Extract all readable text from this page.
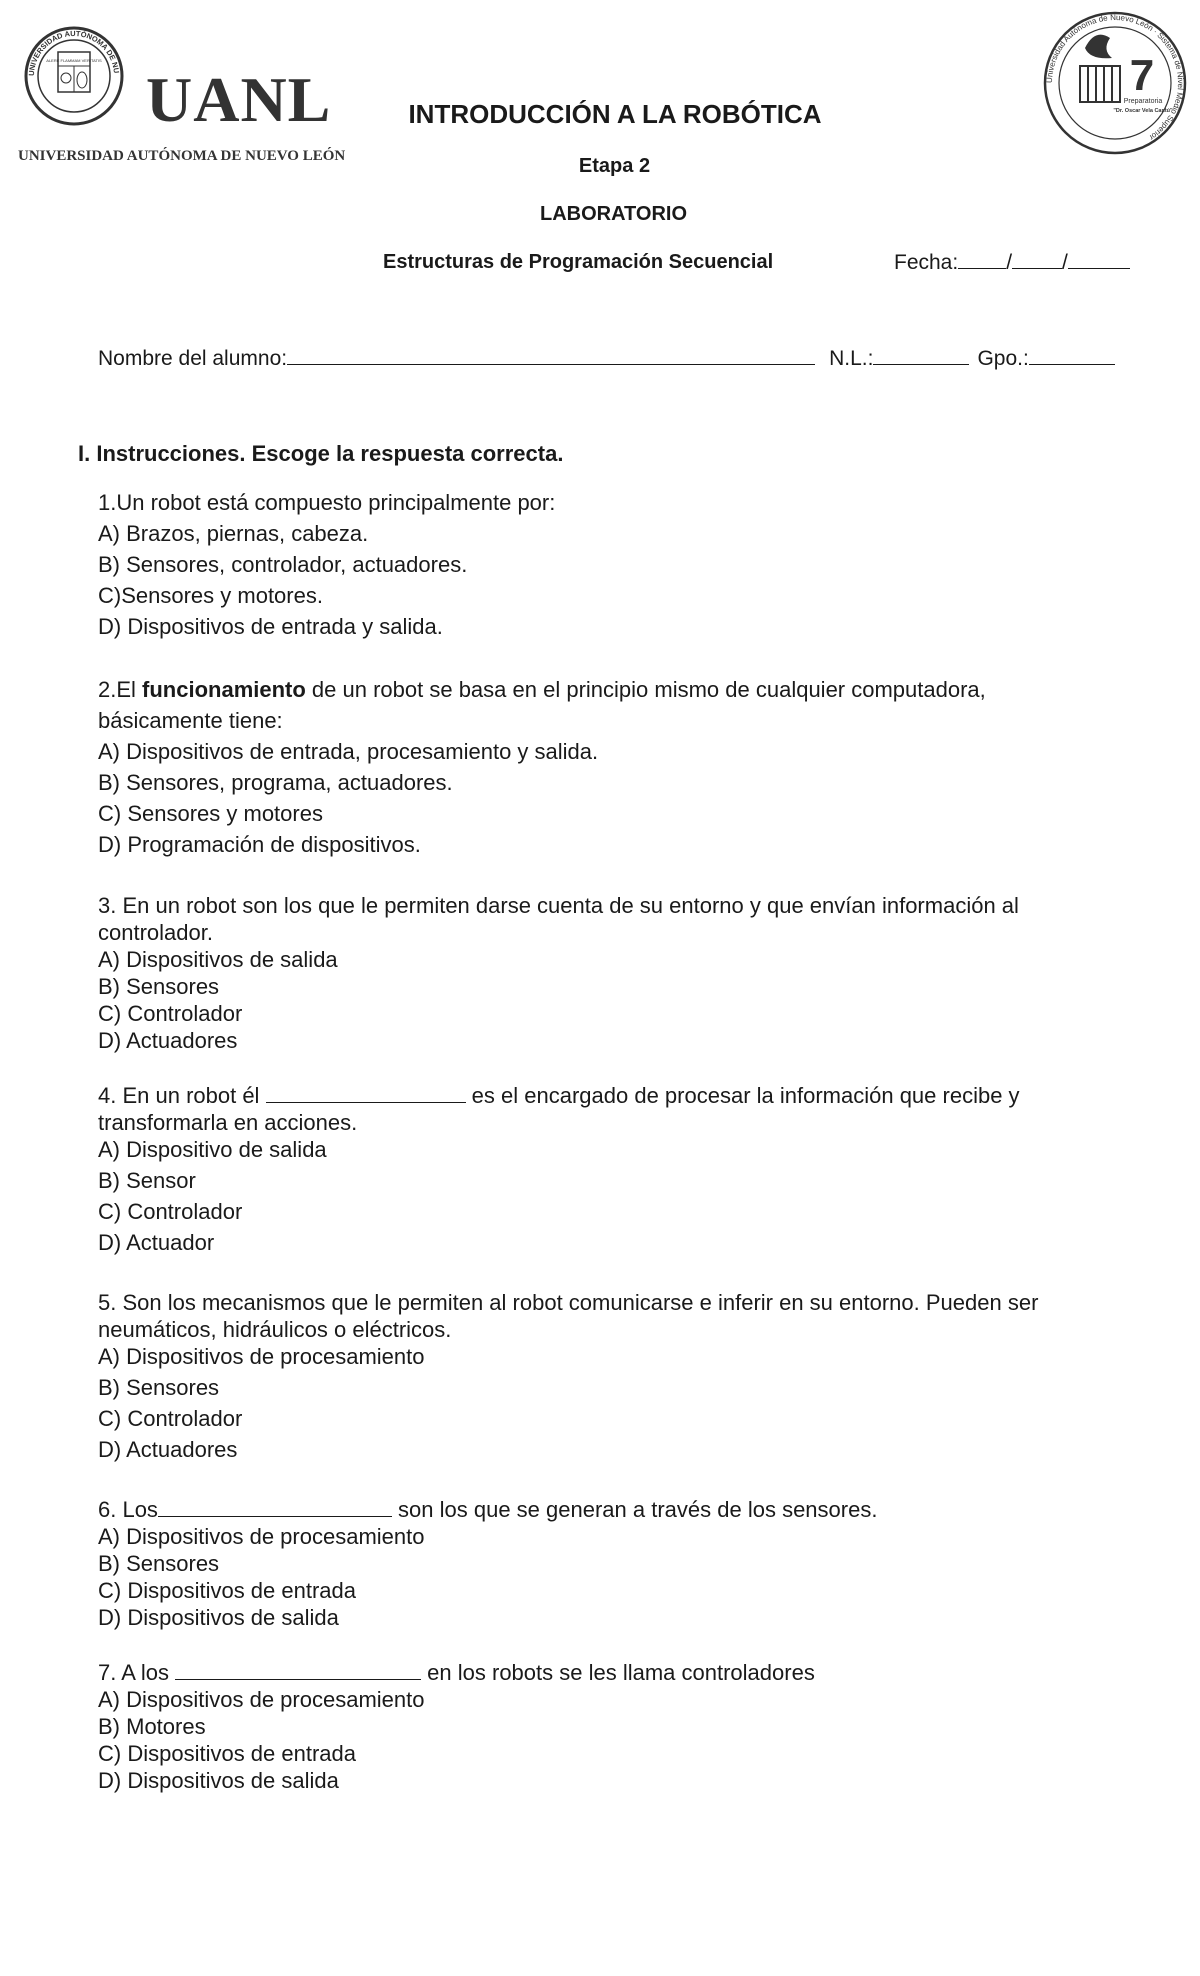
UNIVERSIDAD AUTÓNOMA DE NU
ALERE FLAMMAM VERITATIS
UANL
UNIVERSIDAD AUTÓNOMA DE NUEVO LEÓN
Universidad Autónoma de Nuevo León · Sistema de Nivel Medio Superior
7
Preparatoria
"Dr. Oscar Vela Cantú"
INTRODUCCIÓN A LA ROBÓTICA
Etapa 2
LABORATORIO
Estructuras de Programación Secuencial	Fecha: / /
Nombre del alumno:	N.L.:	Gpo.:
I. Instrucciones. Escoge la respuesta correcta.
1.Un robot está compuesto principalmente por:
A) Brazos, piernas, cabeza.
B) Sensores, controlador, actuadores.
C)Sensores y motores.
D) Dispositivos de entrada y salida.
2.El funcionamiento de un robot se basa en el principio mismo de cualquier computadora,
básicamente tiene:
A) Dispositivos de entrada, procesamiento y salida.
B) Sensores, programa, actuadores.
C) Sensores y motores
D) Programación de dispositivos.
3. En un robot son los que le permiten darse cuenta de su entorno y que envían información al
controlador.
A) Dispositivos de salida
B) Sensores
C) Controlador
D) Actuadores
4. En un robot él	es el encargado de procesar la información que recibe y
transformarla en acciones.
A) Dispositivo de salida
B) Sensor
C) Controlador
D) Actuador
5. Son los mecanismos que le permiten al robot comunicarse e inferir en su entorno. Pueden ser
neumáticos, hidráulicos o eléctricos.
A) Dispositivos de procesamiento
B) Sensores
C) Controlador
D) Actuadores
6. Los	son los que se generan a través de los sensores.
A) Dispositivos de procesamiento
B) Sensores
C) Dispositivos de entrada
D) Dispositivos de salida
7. A los	en los robots se les llama controladores
A) Dispositivos de procesamiento
B) Motores
C) Dispositivos de entrada
D) Dispositivos de salida
